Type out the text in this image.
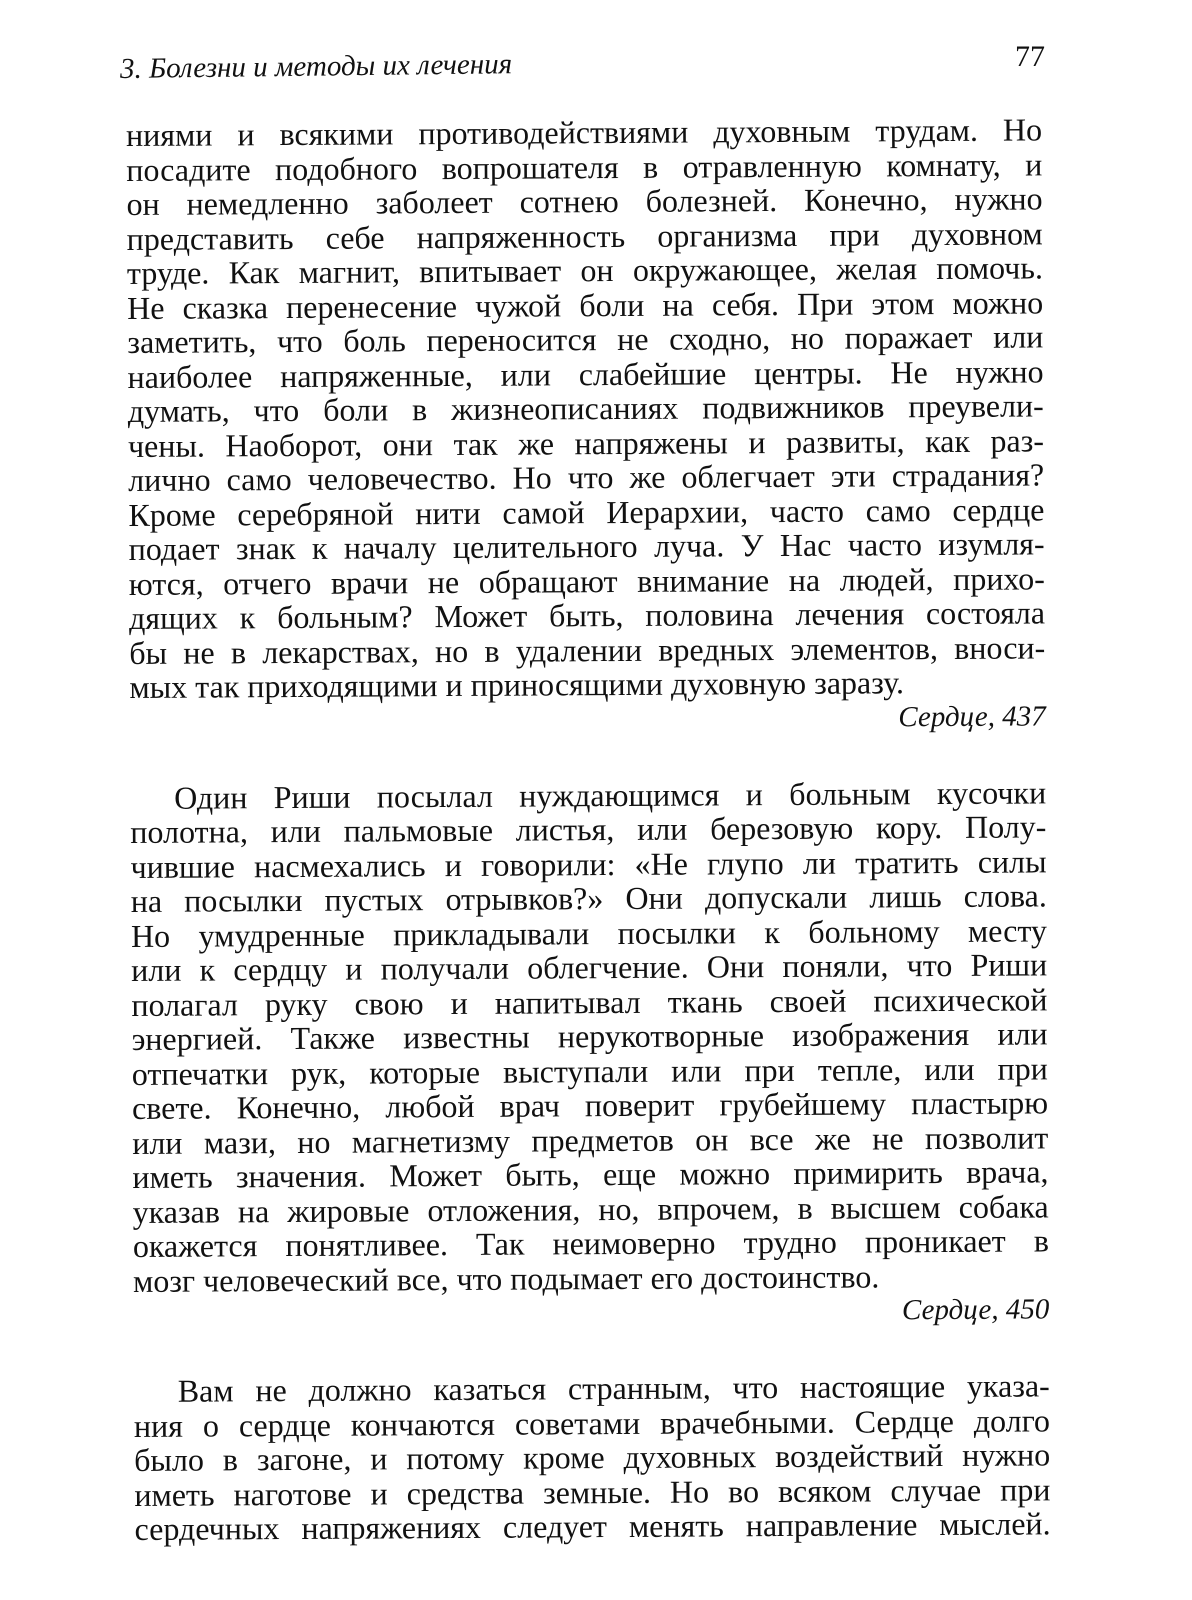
3. Болезни и методы их лечения	77
ниями и всякими противодействиями духовным трудам. Но
посадите подобного вопрошателя в отравленную комнату, и
он немедленно заболеет сотнею болезней. Конечно, нужно
представить себе напряженность организма при духовном
труде. Как магнит, впитывает он окружающее, желая помочь.
Не сказка перенесение чужой боли на себя. При этом можно
заметить, что боль переносится не сходно, но поражает или
наиболее напряженные, или слабейшие центры. Не нужно
думать, что боли в жизнеописаниях подвижников преувели-
чены. Наоборот, они так же напряжены и развиты, как раз-
лично само человечество. Но что же облегчает эти страдания?
Кроме серебряной нити самой Иерархии, часто само сердце
подает знак к началу целительного луча. У Нас часто изумля-
ются, отчего врачи не обращают внимание на людей, прихо-
дящих к больным? Может быть, половина лечения состояла
бы не в лекарствах, но в удалении вредных элементов, вноси-
мых так приходящими и приносящими духовную заразу.
Сердце, 437
Один Риши посылал нуждающимся и больным кусочки
полотна, или пальмовые листья, или березовую кору. Полу-
чившие насмехались и говорили: «Не глупо ли тратить силы
на посылки пустых отрывков?» Они допускали лишь слова.
Но умудренные прикладывали посылки к больному месту
или к сердцу и получали облегчение. Они поняли, что Риши
полагал руку свою и напитывал ткань своей психической
энергией. Также известны нерукотворные изображения или
отпечатки рук, которые выступали или при тепле, или при
свете. Конечно, любой врач поверит грубейшему пластырю
или мази, но магнетизму предметов он все же не позволит
иметь значения. Может быть, еще можно примирить врача,
указав на жировые отложения, но, впрочем, в высшем собака
окажется понятливее. Так неимоверно трудно проникает в
мозг человеческий все, что подымает его достоинство.
Сердце, 450
Вам не должно казаться странным, что настоящие указа-
ния о сердце кончаются советами врачебными. Сердце долго
было в загоне, и потому кроме духовных воздействий нужно
иметь наготове и средства земные. Но во всяком случае при
сердечных напряжениях следует менять направление мыслей.
